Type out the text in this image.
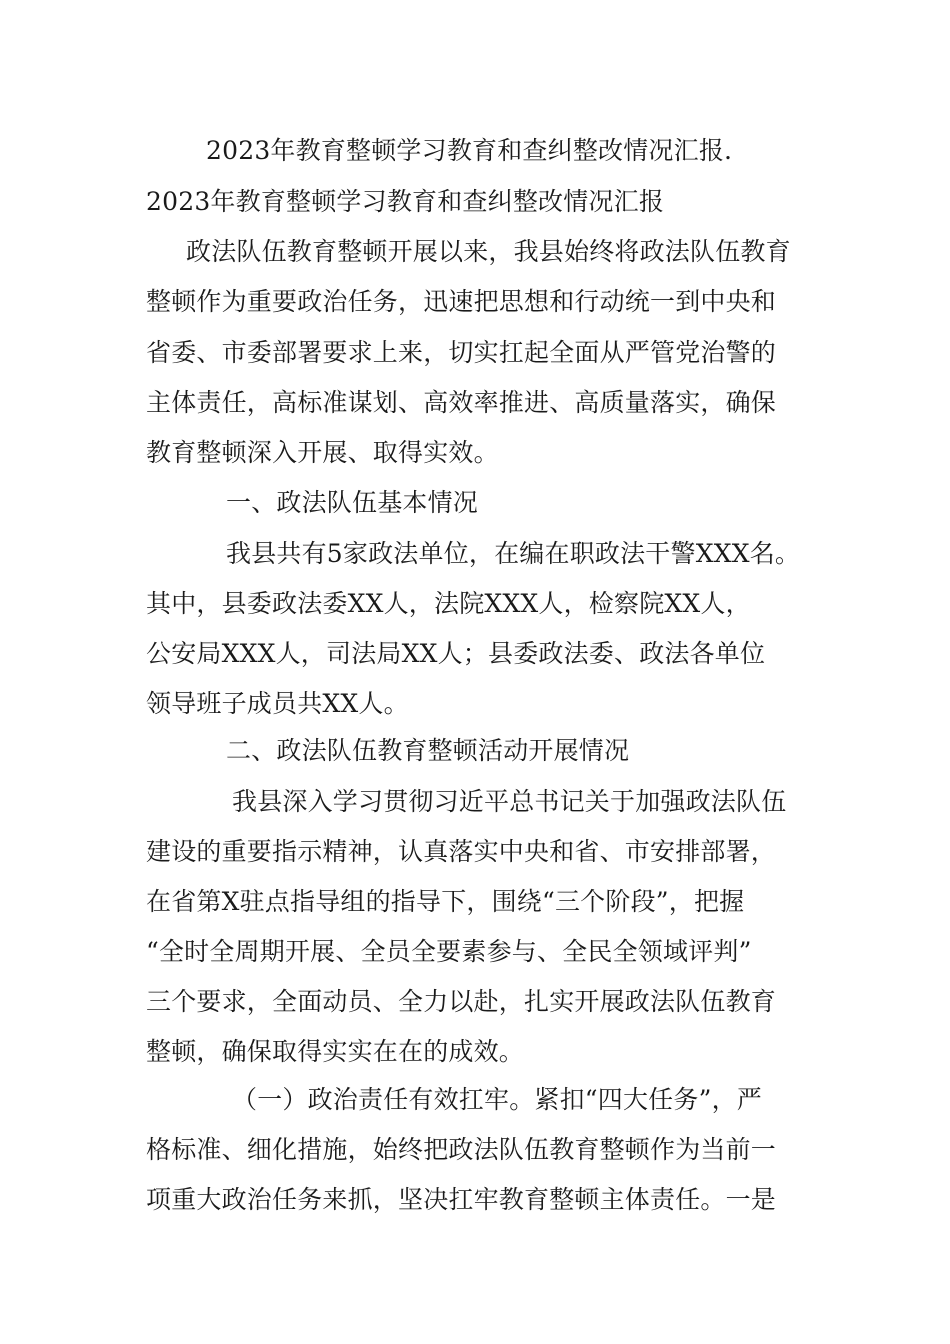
2023年教育整顿学习教育和查纠整改情况汇报.
2023年教育整顿学习教育和查纠整改情况汇报
政法队伍教育整顿开展以来，我县始终将政法队伍教育
整顿作为重要政治任务，迅速把思想和行动统一到中央和
省委、市委部署要求上来，切实扛起全面从严管党治警的
主体责任，高标准谋划、高效率推进、高质量落实，确保
教育整顿深入开展、取得实效。
一、政法队伍基本情况
我县共有5家政法单位，在编在职政法干警XXX名。
其中，县委政法委XX人，法院XXX人，检察院XX人，
公安局XXX人，司法局XX人；县委政法委、政法各单位
领导班子成员共XX人。
二、政法队伍教育整顿活动开展情况
我县深入学习贯彻习近平总书记关于加强政法队伍
建设的重要指示精神，认真落实中央和省、市安排部署，
在省第X驻点指导组的指导下，围绕“三个阶段”，把握
“全时全周期开展、全员全要素参与、全民全领域评判”
三个要求，全面动员、全力以赴，扎实开展政法队伍教育
整顿，确保取得实实在在的成效。
（一）政治责任有效扛牢。紧扣“四大任务”，严
格标准、细化措施，始终把政法队伍教育整顿作为当前一
项重大政治任务来抓，坚决扛牢教育整顿主体责任。一是
